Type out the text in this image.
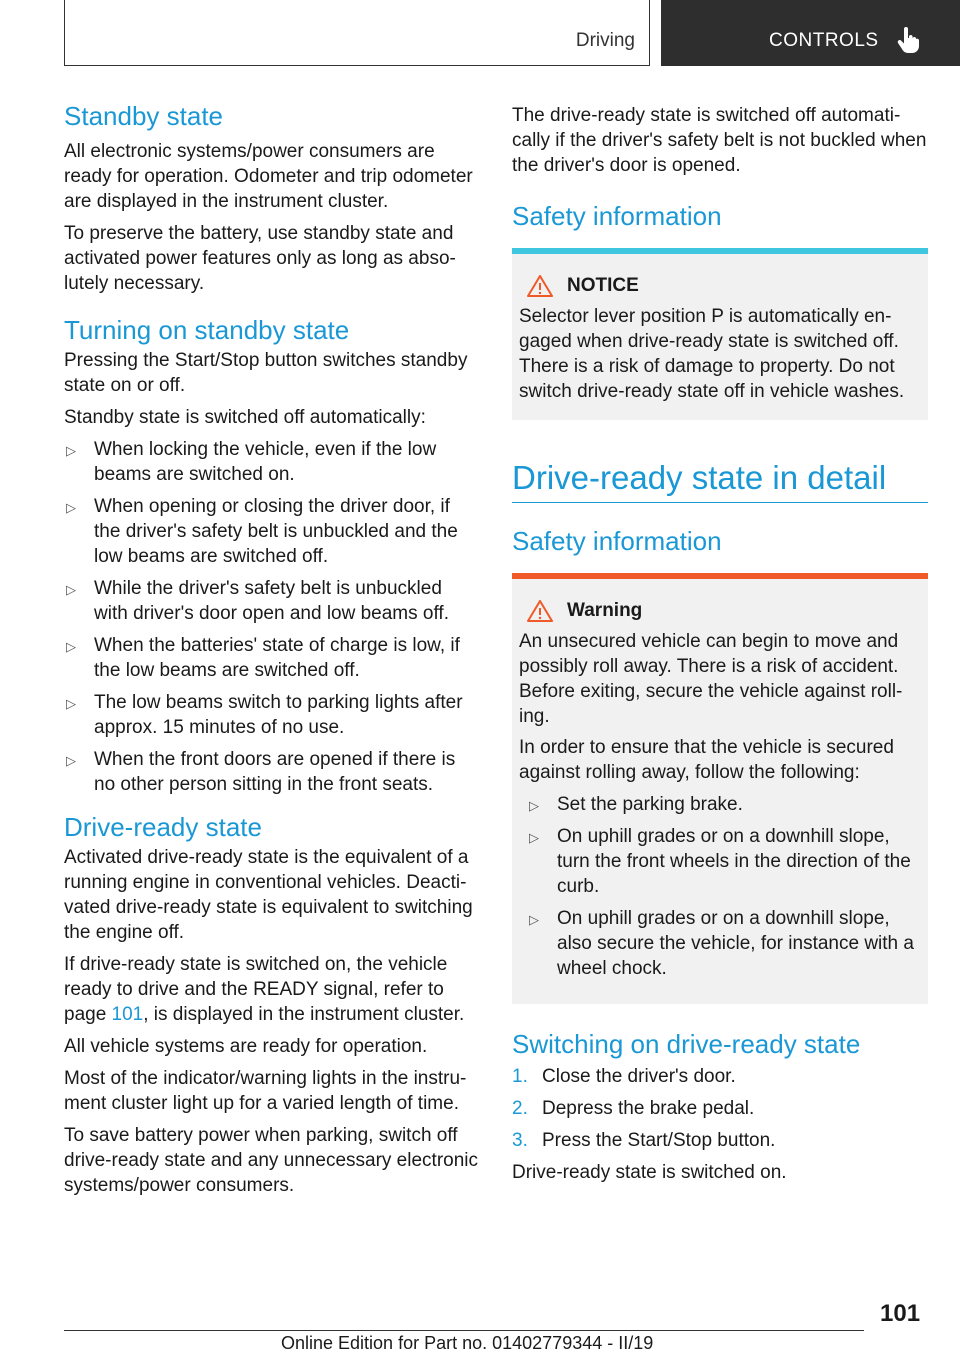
Driving	CONTROLS
Standby state

All electronic systems/power consumers are ready for operation. Odometer and trip odometer are displayed in the instrument cluster.

To preserve the battery, use standby state and activated power features only as long as abso‐lutely necessary.

Turning on standby state

Pressing the Start/Stop button switches standby state on or off.

Standby state is switched off automatically:

▷ When locking the vehicle, even if the low beams are switched on.
▷ When opening or closing the driver door, if the driver's safety belt is unbuckled and the low beams are switched off.
▷ While the driver's safety belt is unbuckled with driver's door open and low beams off.
▷ When the batteries' state of charge is low, if the low beams are switched off.
▷ The low beams switch to parking lights after approx. 15 minutes of no use.
▷ When the front doors are opened if there is no other person sitting in the front seats.
Drive-ready state

Activated drive-ready state is the equivalent of a running engine in conventional vehicles. Deacti‐vated drive-ready state is equivalent to switching the engine off.

If drive-ready state is switched on, the vehicle ready to drive and the READY signal, refer to page 101, is displayed in the instrument cluster.

All vehicle systems are ready for operation.

Most of the indicator/warning lights in the instru‐ment cluster light up for a varied length of time.

To save battery power when parking, switch off drive-ready state and any unnecessary electronic systems/power consumers.

The drive-ready state is switched off automati‐cally if the driver's safety belt is not buckled when the driver's door is opened.

Safety information
NOTICE

Selector lever position P is automatically en‐gaged when drive-ready state is switched off. There is a risk of damage to property. Do not switch drive-ready state off in vehicle washes.

Drive-ready state in detail
Safety information
Warning

An unsecured vehicle can begin to move and possibly roll away. There is a risk of accident. Before exiting, secure the vehicle against roll‐ing.

In order to ensure that the vehicle is secured against rolling away, follow the following:

▷ Set the parking brake.
▷ On uphill grades or on a downhill slope, turn the front wheels in the direction of the curb.
▷ On uphill grades or on a downhill slope, also secure the vehicle, for instance with a wheel chock.
Switching on drive-ready state
1. Close the driver's door.
2. Depress the brake pedal.
3. Press the Start/Stop button.

Drive-ready state is switched on.

101
Online Edition for Part no. 01402779344 - II/19
